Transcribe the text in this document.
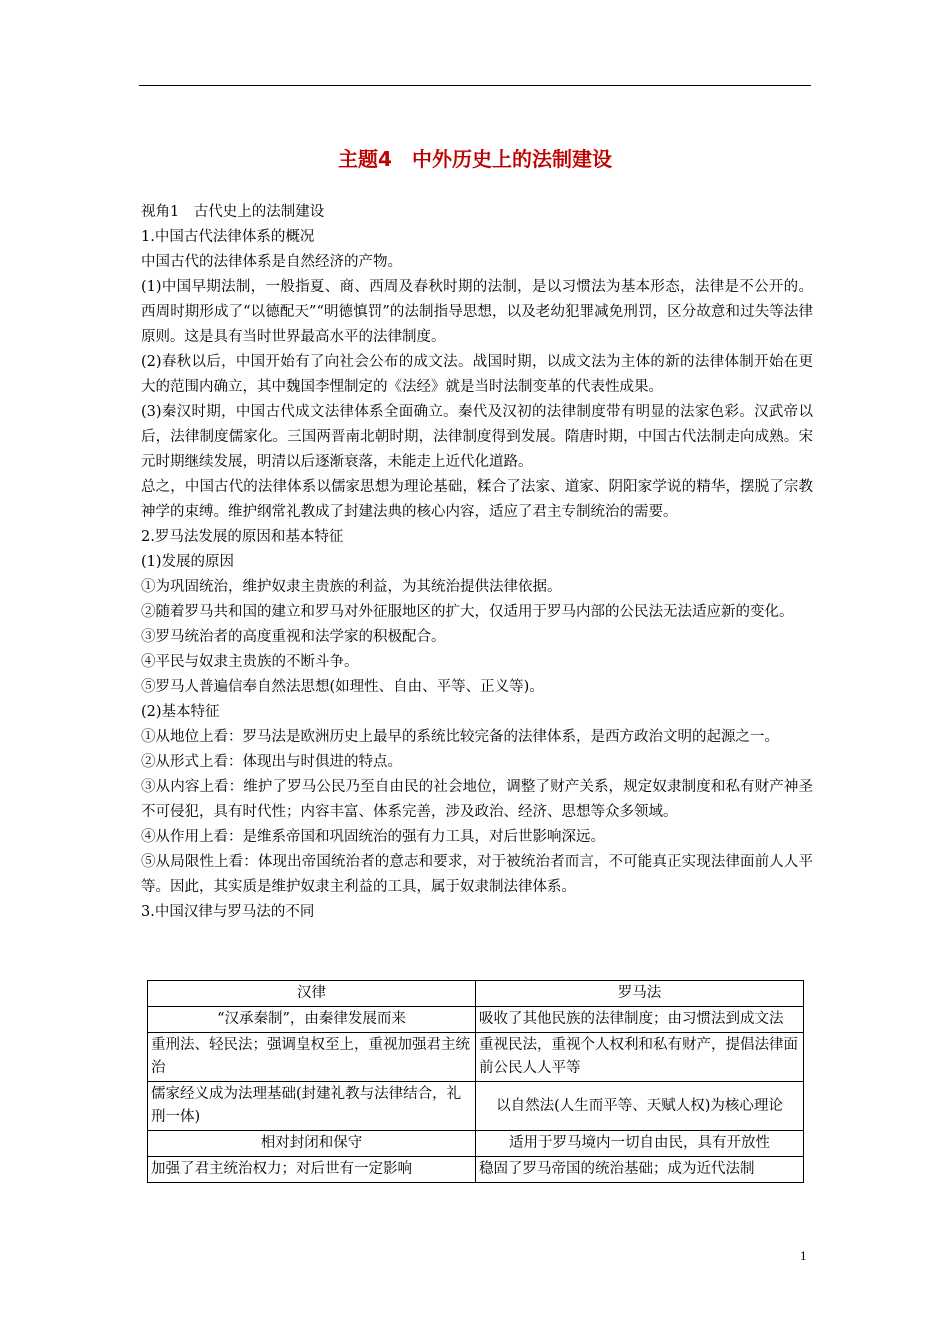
主题4　中外历史上的法制建设

视角1　古代史上的法制建设

1.中国古代法律体系的概况

中国古代的法律体系是自然经济的产物。

(1)中国早期法制，一般指夏、商、西周及春秋时期的法制，是以习惯法为基本形态，法律是不公开的。西周时期形成了“以德配天”“明德慎罚”的法制指导思想，以及老幼犯罪减免刑罚，区分故意和过失等法律原则。这是具有当时世界最高水平的法律制度。

(2)春秋以后，中国开始有了向社会公布的成文法。战国时期，以成文法为主体的新的法律体制开始在更大的范围内确立，其中魏国李悝制定的《法经》就是当时法制变革的代表性成果。

(3)秦汉时期，中国古代成文法律体系全面确立。秦代及汉初的法律制度带有明显的法家色彩。汉武帝以后，法律制度儒家化。三国两晋南北朝时期，法律制度得到发展。隋唐时期，中国古代法制走向成熟。宋元时期继续发展，明清以后逐渐衰落，未能走上近代化道路。

总之，中国古代的法律体系以儒家思想为理论基础，糅合了法家、道家、阴阳家学说的精华，摆脱了宗教神学的束缚。维护纲常礼教成了封建法典的核心内容，适应了君主专制统治的需要。

2.罗马法发展的原因和基本特征

(1)发展的原因

①为巩固统治，维护奴隶主贵族的利益，为其统治提供法律依据。

②随着罗马共和国的建立和罗马对外征服地区的扩大，仅适用于罗马内部的公民法无法适应新的变化。

③罗马统治者的高度重视和法学家的积极配合。

④平民与奴隶主贵族的不断斗争。

⑤罗马人普遍信奉自然法思想(如理性、自由、平等、正义等)。

(2)基本特征

①从地位上看：罗马法是欧洲历史上最早的系统比较完备的法律体系，是西方政治文明的起源之一。

②从形式上看：体现出与时俱进的特点。

③从内容上看：维护了罗马公民乃至自由民的社会地位，调整了财产关系，规定奴隶制度和私有财产神圣不可侵犯，具有时代性；内容丰富、体系完善，涉及政治、经济、思想等众多领域。

④从作用上看：是维系帝国和巩固统治的强有力工具，对后世影响深远。

⑤从局限性上看：体现出帝国统治者的意志和要求，对于被统治者而言，不可能真正实现法律面前人人平等。因此，其实质是维护奴隶主利益的工具，属于奴隶制法律体系。

3.中国汉律与罗马法的不同

汉律	罗马法
“汉承秦制”，由秦律发展而来	吸收了其他民族的法律制度；由习惯法到成文法
重刑法、轻民法；强调皇权至上，重视加强君主统治	重视民法，重视个人权利和私有财产，提倡法律面前公民人人平等
儒家经义成为法理基础(封建礼教与法律结合，礼刑一体)	以自然法(人生而平等、天赋人权)为核心理论
相对封闭和保守	适用于罗马境内一切自由民，具有开放性
加强了君主统治权力；对后世有一定影响	稳固了罗马帝国的统治基础；成为近代法制
1
